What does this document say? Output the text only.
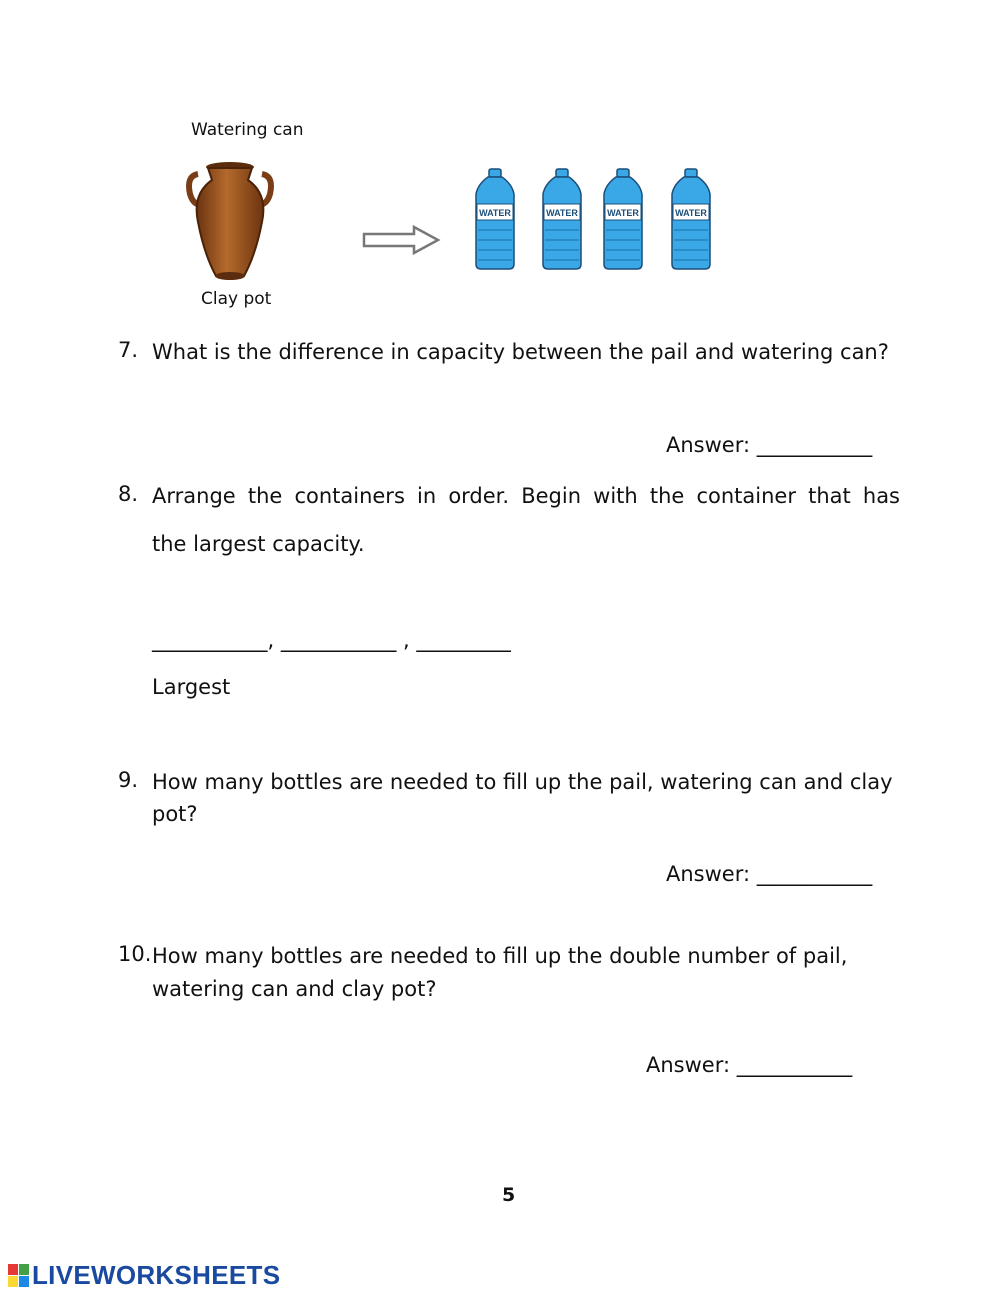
Watering can
Clay pot
WATER	WATER	WATER	WATER
7. What is the difference in capacity between the pail and watering can?
Answer: ___________
8. Arrange the containers in order. Begin with the container that has
the largest capacity.
___________, ___________ , _________
Largest
9. How many bottles are needed to fill up the pail, watering can and clay
pot?
Answer: ___________
10. How many bottles are needed to fill up the double number of pail,
watering can and clay pot?
Answer: ___________
5
LIVEWORKSHEETS
